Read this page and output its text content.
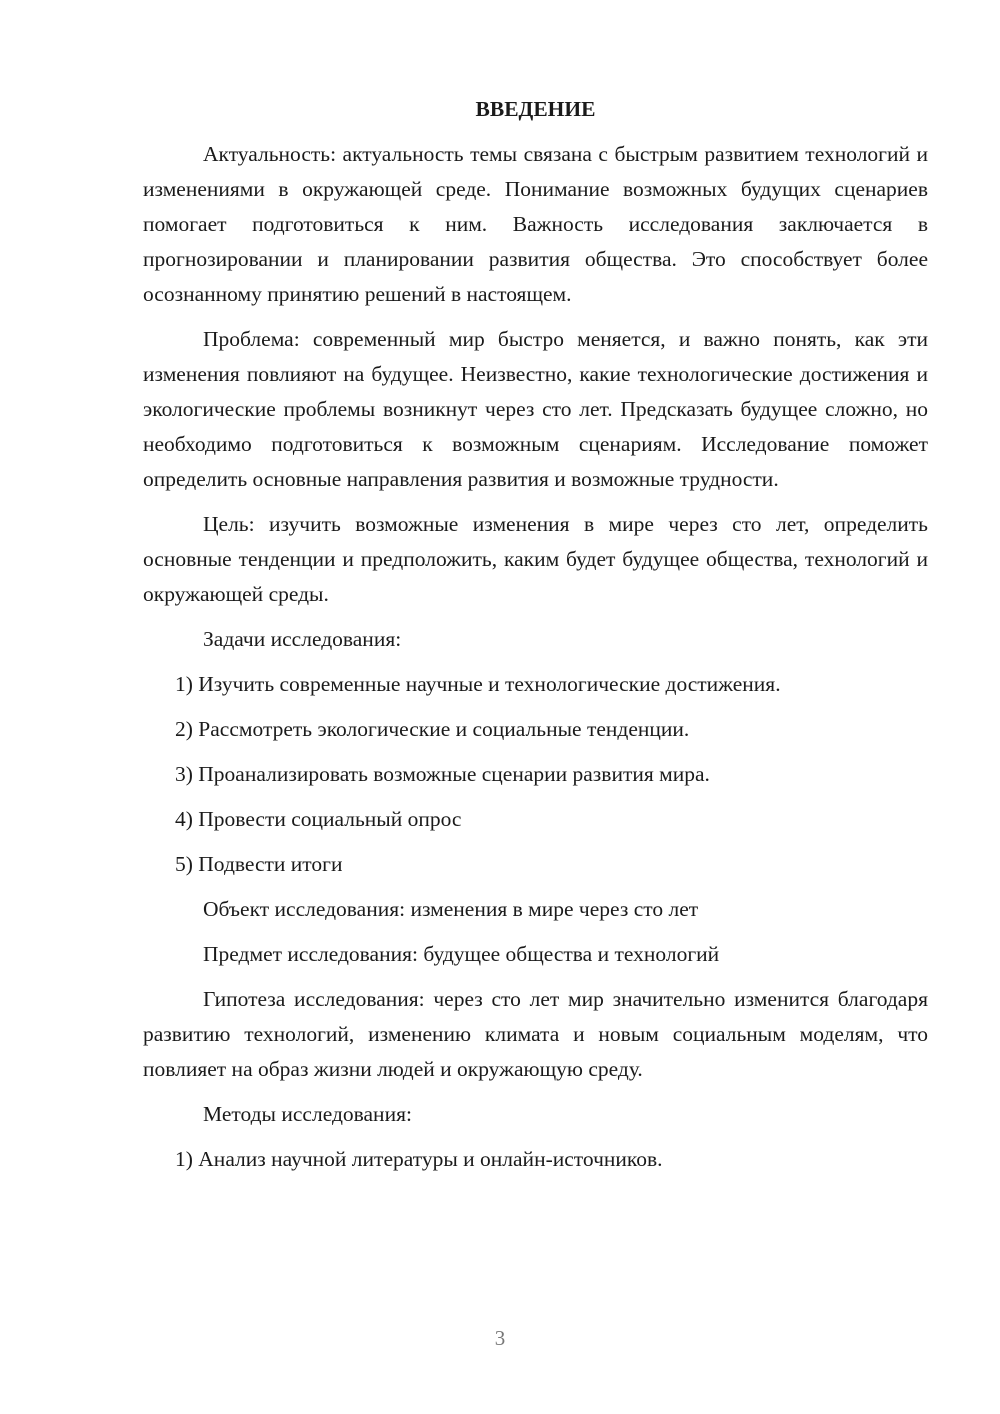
ВВЕДЕНИЕ

Актуальность: актуальность темы связана с быстрым развитием технологий и изменениями в окружающей среде. Понимание возможных будущих сценариев помогает подготовиться к ним. Важность исследования заключается в прогнозировании и планировании развития общества. Это способствует более осознанному принятию решений в настоящем.

Проблема: современный мир быстро меняется, и важно понять, как эти изменения повлияют на будущее. Неизвестно, какие технологические достижения и экологические проблемы возникнут через сто лет. Предсказать будущее сложно, но необходимо подготовиться к возможным сценариям. Исследование поможет определить основные направления развития и возможные трудности.

Цель: изучить возможные изменения в мире через сто лет, определить основные тенденции и предположить, каким будет будущее общества, технологий и окружающей среды.

Задачи исследования:

1) Изучить современные научные и технологические достижения.

2) Рассмотреть экологические и социальные тенденции.

3) Проанализировать возможные сценарии развития мира.

4) Провести социальный опрос

5) Подвести итоги

Объект исследования: изменения в мире через сто лет

Предмет исследования: будущее общества и технологий

Гипотеза исследования: через сто лет мир значительно изменится благодаря развитию технологий, изменению климата и новым социальным моделям, что повлияет на образ жизни людей и окружающую среду.

Методы исследования:

1) Анализ научной литературы и онлайн-источников.

3
